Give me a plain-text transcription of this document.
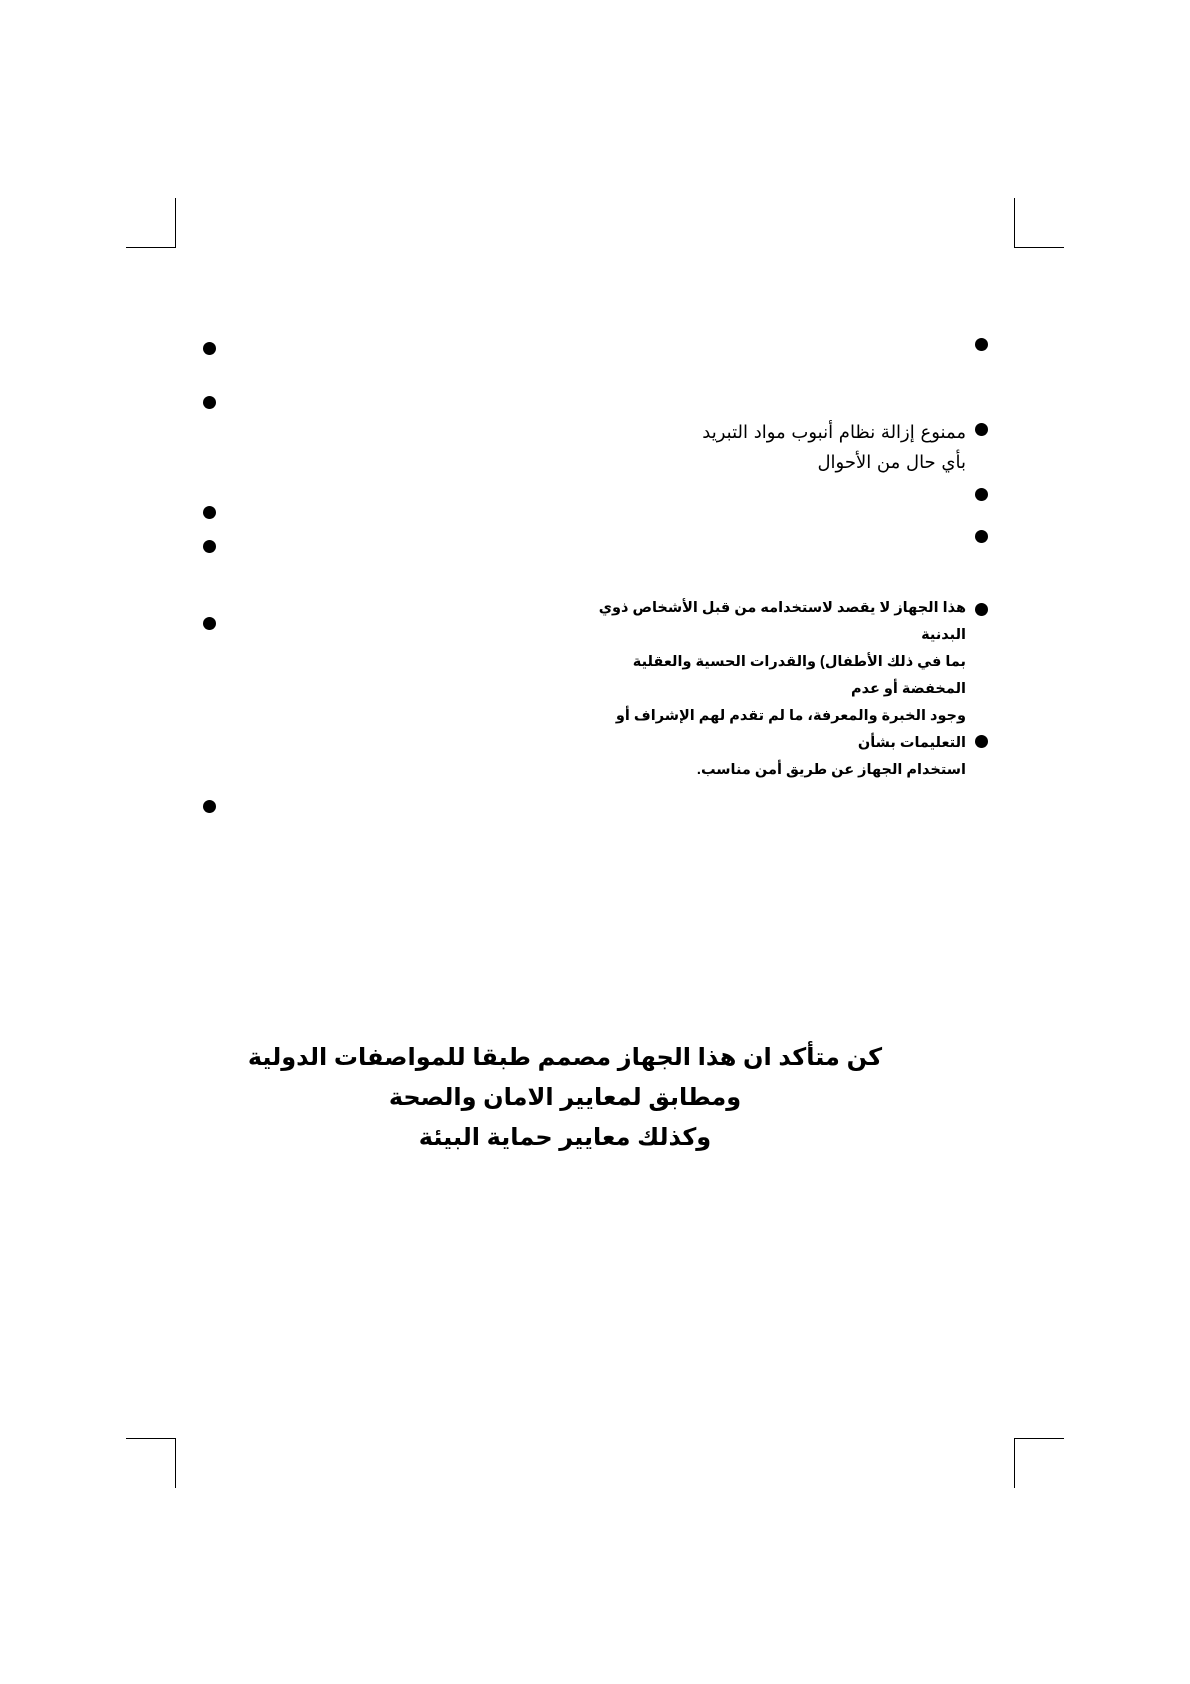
ممنوع إزالة نظام أنبوب مواد التبريد
بأي حال من الأحوال
هذا الجهاز لا يقصد لاستخدامه من قبل الأشخاص ذوي البدنية
بما في ذلك الأطفال) والقدرات الحسية والعقلية المخفضة أو عدم
وجود الخبرة والمعرفة، ما لم تقدم لهم الإشراف أو التعليمات بشأن
استخدام الجهاز عن طريق أمن مناسب.
كن متأكد ان هذا الجهاز مصمم طبقا للمواصفات الدولية ومطابق لمعايير الامان والصحة
وكذلك معايير حماية البيئة
